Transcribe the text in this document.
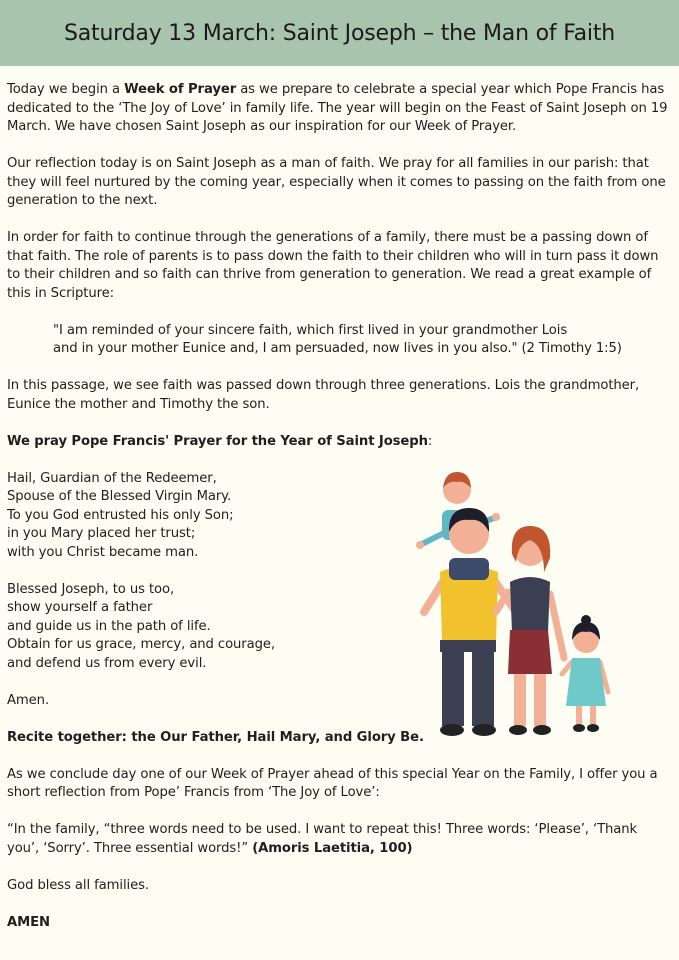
Saturday 13 March: Saint Joseph – the Man of Faith

Today we begin a Week of Prayer as we prepare to celebrate a special year which Pope Francis has dedicated to the ‘The Joy of Love’ in family life. The year will begin on the Feast of Saint Joseph on 19 March. We have chosen Saint Joseph as our inspiration for our Week of Prayer.

Our reflection today is on Saint Joseph as a man of faith. We pray for all families in our parish: that they will feel nurtured by the coming year, especially when it comes to passing on the faith from one generation to the next.

In order for faith to continue through the generations of a family, there must be a passing down of that faith. The role of parents is to pass down the faith to their children who will in turn pass it down to their children and so faith can thrive from generation to generation. We read a great example of this in Scripture:

"I am reminded of your sincere faith, which first lived in your grandmother Lois
and in your mother Eunice and, I am persuaded, now lives in you also." (2 Timothy 1:5)

In this passage, we see faith was passed down through three generations. Lois the grandmother, Eunice the mother and Timothy the son.

We pray Pope Francis' Prayer for the Year of Saint Joseph:

Hail, Guardian of the Redeemer,
Spouse of the Blessed Virgin Mary.
To you God entrusted his only Son;
in you Mary placed her trust;
with you Christ became man.

Blessed Joseph, to us too,
show yourself a father
and guide us in the path of life.
Obtain for us grace, mercy, and courage,
and defend us from every evil.

Amen.

Recite together: the Our Father, Hail Mary, and Glory Be.

As we conclude day one of our Week of Prayer ahead of this special Year on the Family, I offer you a short reflection from Pope’ Francis from ‘The Joy of Love’:

“In the family, “three words need to be used. I want to repeat this! Three words: ‘Please’, ‘Thank you’, ‘Sorry’. Three essential words!” (Amoris Laetitia, 100)

God bless all families.

AMEN
